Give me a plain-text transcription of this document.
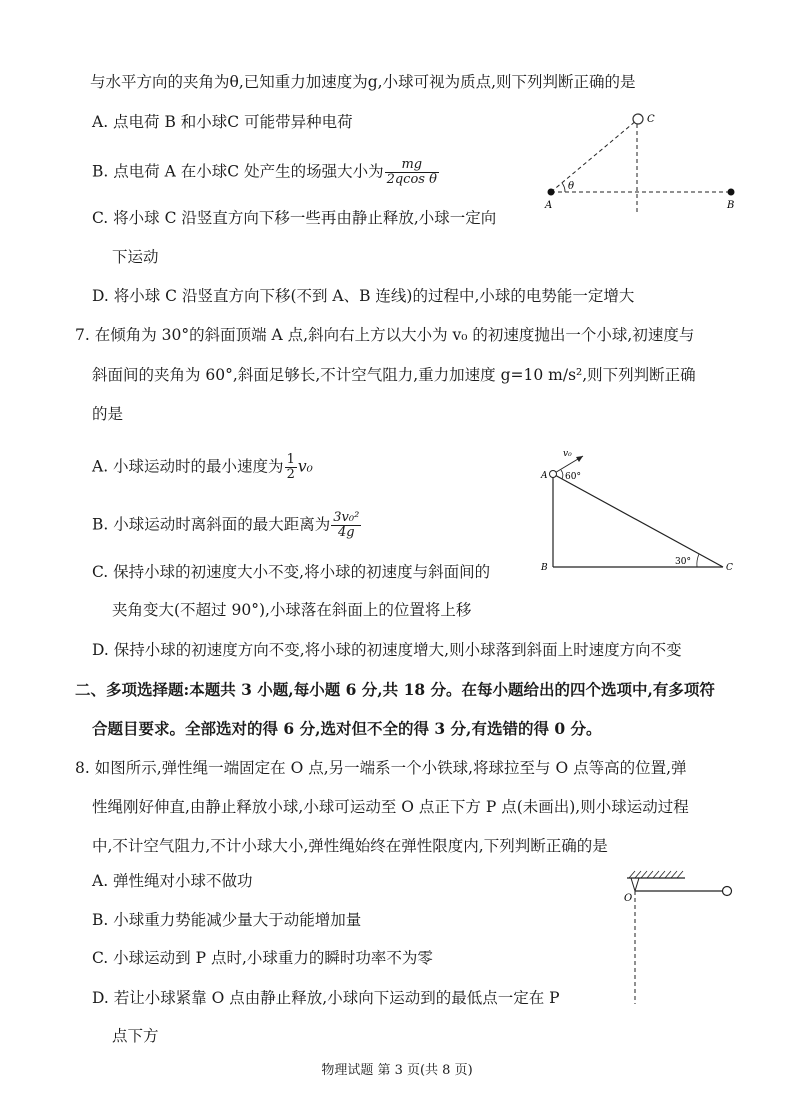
与水平方向的夹角为θ,已知重力加速度为g,小球可视为质点,则下列判断正确的是
A. 点电荷 B 和小球C 可能带异种电荷
B. 点电荷 A 在小球C 处产生的场强大小为 $\frac{mg}{\text{2qcos θ}}$
C. 将小球 C 沿竖直方向下移一些再由静止释放,小球一定向
下运动
D. 将小球 C 沿竖直方向下移(不到 A、B 连线)的过程中,小球的电势能一定增大
θ
A	B
C
7. 在倾角为 30°的斜面顶端 A 点,斜向右上方以大小为 v₀ 的初速度抛出一个小球,初速度与
斜面间的夹角为 60°,斜面足够长,不计空气阻力,重力加速度 g=10 m/s²,则下列判断正确
的是
A. 小球运动时的最小速度为 $\frac{1}{2} v_0$
B. 小球运动时离斜面的最大距离为 $\frac{\text{3v₀²}}{4g}$
C. 保持小球的初速度大小不变,将小球的初速度与斜面间的
夹角变大(不超过 90°),小球落在斜面上的位置将上移
D. 保持小球的初速度方向不变,将小球的初速度增大,则小球落到斜面上时速度方向不变
v₀
60°
A
B	C
30°
二、多项选择题:本题共 3 小题,每小题 6 分,共 18 分。在每小题给出的四个选项中,有多项符
合题目要求。全部选对的得 6 分,选对但不全的得 3 分,有选错的得 0 分。
8. 如图所示,弹性绳一端固定在 O 点,另一端系一个小铁球,将球拉至与 O 点等高的位置,弹
性绳刚好伸直,由静止释放小球,小球可运动至 O 点正下方 P 点(未画出),则小球运动过程
中,不计空气阻力,不计小球大小,弹性绳始终在弹性限度内,下列判断正确的是
A. 弹性绳对小球不做功
B. 小球重力势能减少量大于动能增加量
C. 小球运动到 P 点时,小球重力的瞬时功率不为零
D. 若让小球紧靠 O 点由静止释放,小球向下运动到的最低点一定在 P
点下方
O
物理试题 第 3 页(共 8 页)
